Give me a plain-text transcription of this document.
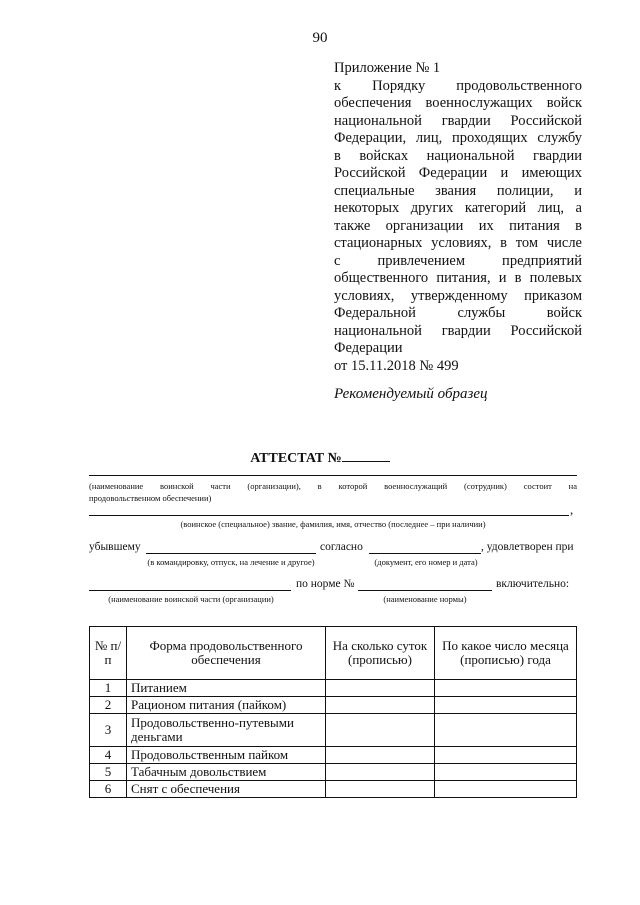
90
Приложение № 1
к Порядку продовольственного
обеспечения военнослужащих войск
национальной гвардии Российской
Федерации, лиц, проходящих службу
в войсках национальной гвардии
Российской Федерации и имеющих
специальные звания полиции, и
некоторых других категорий лиц, а
также организации их питания в
стационарных условиях, в том числе
с привлечением предприятий
общественного питания, и в полевых
условиях, утвержденному приказом
Федеральной службы войск
национальной гвардии Российской
Федерации
от 15.11.2018 № 499
Рекомендуемый образец
АТТЕСТАТ №
(наименование воинской части (организации), в которой военнослужащий (сотрудник) состоит на
продовольственном обеспечении)
,
(воинское (специальное) звание, фамилия, имя, отчество (последнее – при наличии)
убывшему	согласно	, удовлетворен при
(в командировку, отпуск, на лечение и другое)	(документ, его номер и дата)
по норме №	включительно:
(наименование воинской части (организации)	(наименование нормы)
№ п/п	Форма продовольственного обеспечения	На сколько суток (прописью)	По какое число месяца (прописью) года
1	Питанием		
2	Рационом питания (пайком)		
3	Продовольственно-путевыми деньгами		
4	Продовольственным пайком		
5	Табачным довольствием		
6	Снят с обеспечения		
